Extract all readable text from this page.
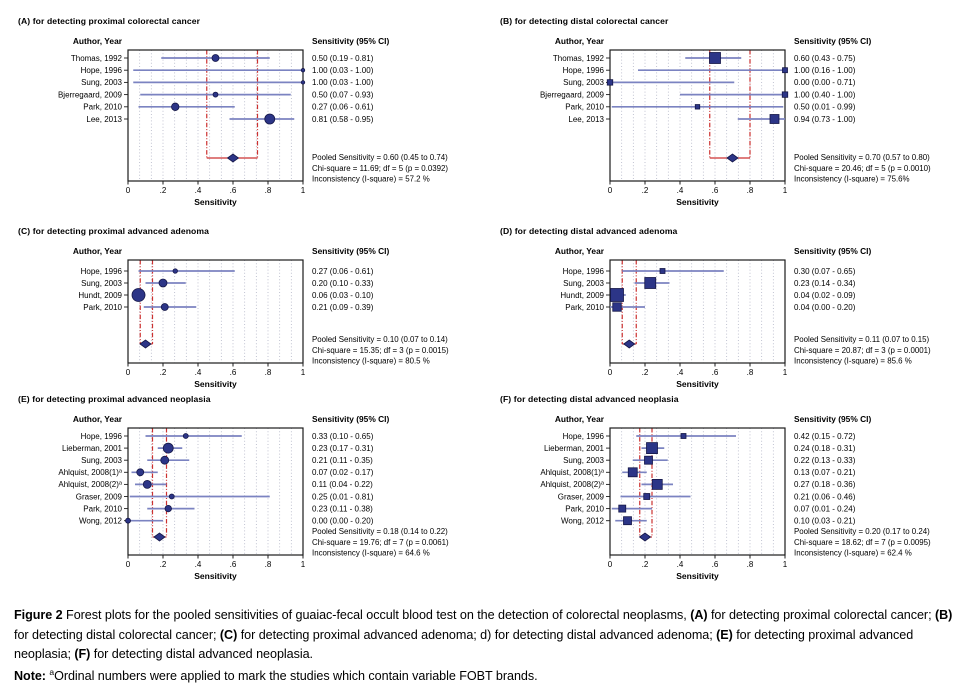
(A) for detecting proximal colorectal cancer
Thomas, 1992	0.50 (0.19 - 0.81)
Hope, 1996	1.00 (0.03 - 1.00)
Sung, 2003	1.00 (0.03 - 1.00)
Bjerregaard, 2009	0.50 (0.07 - 0.93)
Park, 2010	0.27 (0.06 - 0.61)
Lee, 2013	0.81 (0.58 - 0.95)
0	.2	.4	.6	.8	1
Sensitivity
Author, Year	Sensitivity (95% CI)
Pooled Sensitivity = 0.60 (0.45 to 0.74)
Chi-square = 11.69; df = 5 (p = 0.0392)
Inconsistency (I-square) = 57.2 %
(B) for detecting distal colorectal cancer
Thomas, 1992	0.60 (0.43 - 0.75)
Hope, 1996	1.00 (0.16 - 1.00)
Sung, 2003	0.00 (0.00 - 0.71)
Bjerregaard, 2009	1.00 (0.40 - 1.00)
Park, 2010	0.50 (0.01 - 0.99)
Lee, 2013	0.94 (0.73 - 1.00)
0	.2	.4	.6	.8	1
Sensitivity
Author, Year	Sensitivity (95% CI)
Pooled Sensitivity = 0.70 (0.57 to 0.80)
Chi-square = 20.46; df = 5 (p = 0.0010)
Inconsistency (I-square) = 75.6%
(C) for detecting proximal advanced adenoma
Hope, 1996	0.27 (0.06 - 0.61)
Sung, 2003	0.20 (0.10 - 0.33)
Hundt, 2009	0.06 (0.03 - 0.10)
Park, 2010	0.21 (0.09 - 0.39)
0	.2	.4	.6	.8	1
Sensitivity
Author, Year	Sensitivity (95% CI)
Pooled Sensitivity = 0.10 (0.07 to 0.14)
Chi-square = 15.35; df = 3 (p = 0.0015)
Inconsistency (I-square) = 80.5 %
(D) for detecting distal advanced adenoma
Hope, 1996	0.30 (0.07 - 0.65)
Sung, 2003	0.23 (0.14 - 0.34)
Hundt, 2009	0.04 (0.02 - 0.09)
Park, 2010	0.04 (0.00 - 0.20)
0	.2	.4	.6	.8	1
Sensitivity
Author, Year	Sensitivity (95% CI)
Pooled Sensitivity = 0.11 (0.07 to 0.15)
Chi-square = 20.87; df = 3 (p = 0.0001)
Inconsistency (I-square) = 85.6 %
(E) for detecting proximal advanced neoplasia
Hope, 1996	0.33 (0.10 - 0.65)
Lieberman, 2001	0.23 (0.17 - 0.31)
Sung, 2003	0.21 (0.11 - 0.35)
Ahlquist, $2008(1)^a$	0.07 (0.02 - 0.17)
Ahlquist, $2008(2)^a$	0.11 (0.04 - 0.22)
Graser, 2009	0.25 (0.01 - 0.81)
Park, 2010	0.23 (0.11 - 0.38)
Wong, 2012	0.00 (0.00 - 0.20)
0	.2	.4	.6	.8	1
Sensitivity
Author, Year	Sensitivity (95% CI)
Pooled Sensitivity = 0.18 (0.14 to 0.22)
Chi-square = 19.76; df = 7 (p = 0.0061)
Inconsistency (I-square) = 64.6 %
(F) for detecting distal advanced neoplasia
Hope, 1996	0.42 (0.15 - 0.72)
Lieberman, 2001	0.24 (0.18 - 0.31)
Sung, 2003	0.22 (0.13 - 0.33)
Ahlquist, $2008(1)^a$	0.13 (0.07 - 0.21)
Ahlquist, $2008(2)^a$	0.27 (0.18 - 0.36)
Graser, 2009	0.21 (0.06 - 0.46)
Park, 2010	0.07 (0.01 - 0.24)
Wong, 2012	0.10 (0.03 - 0.21)
0	.2	.4	.6	.8	1
Sensitivity
Author, Year	Sensitivity (95% CI)
Pooled Sensitivity = 0.20 (0.17 to 0.24)
Chi-square = 18.62; df = 7 (p = 0.0095)
Inconsistency (I-square) = 62.4 %
Figure 2 Forest plots for the pooled sensitivities of guaiac-fecal occult blood test on the detection of colorectal neoplasms, (A) for detecting proximal colorectal cancer; (B) for detecting distal colorectal cancer; (C) for detecting proximal advanced adenoma; d) for detecting distal advanced adenoma; (E) for detecting proximal advanced neoplasia; (F) for detecting distal advanced neoplasia.
Note: $^a$Ordinal numbers were applied to mark the studies which contain variable FOBT brands.
